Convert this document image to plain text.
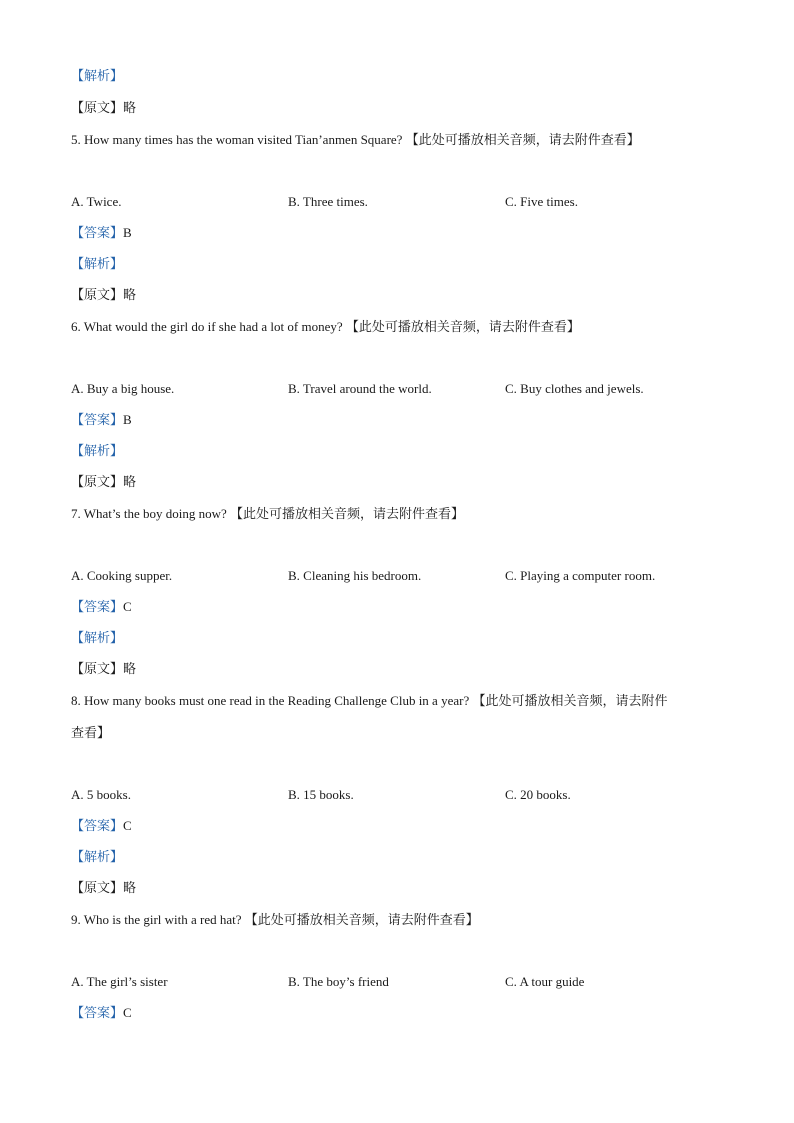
【解析】
【原文】略
5. How many times has the woman visited Tian’anmen Square? 【此处可播放相关音频，请去附件查看】
A. Twice.	B. Three times.	C. Five times.
【答案】B
【解析】
【原文】略
6. What would the girl do if she had a lot of money? 【此处可播放相关音频，请去附件查看】
A. Buy a big house.	B. Travel around the world.	C. Buy clothes and jewels.
【答案】B
【解析】
【原文】略
7. What’s the boy doing now? 【此处可播放相关音频，请去附件查看】
A. Cooking supper.	B. Cleaning his bedroom.	C. Playing a computer room.
【答案】C
【解析】
【原文】略
8. How many books must one read in the Reading Challenge Club in a year? 【此处可播放相关音频，请去附件
查看】
A. 5 books.	B. 15 books.	C. 20 books.
【答案】C
【解析】
【原文】略
9. Who is the girl with a red hat? 【此处可播放相关音频，请去附件查看】
A. The girl’s sister	B. The boy’s friend	C. A tour guide
【答案】C
